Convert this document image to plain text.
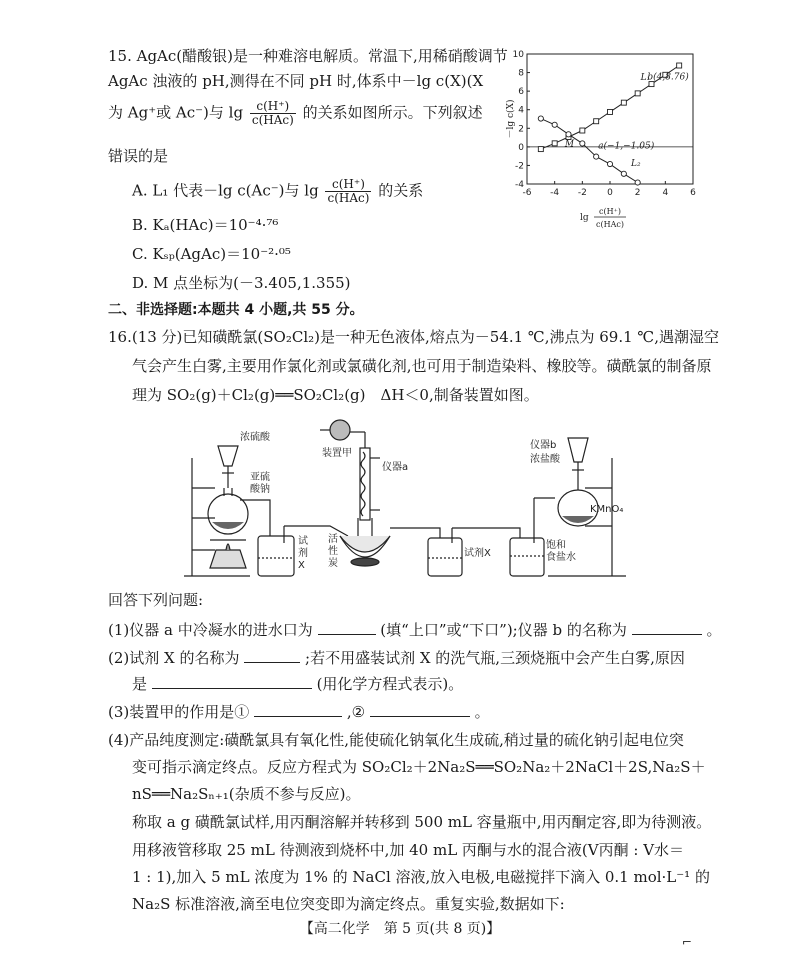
15. AgAc(醋酸银)是一种难溶电解质。常温下,用稀硝酸调节
AgAc 浊液的 pH,测得在不同 pH 时,体系中－lg c(X)(X
为 Ag⁺或 Ac⁻)与 $\lg \frac{c(H^+)}{\text{c(HAc)}}$ 的关系如图所示。下列叙述
错误的是
A. L₁ 代表－lg c(Ac⁻)与 $\lg \frac{c(H^+)}{\text{c(HAc)}}$ 的关系
B. Kₐ(HAc)＝10⁻⁴·⁷⁶
C. Kₛₚ(AgAc)＝10⁻²·⁰⁵
D. M 点坐标为(－3.405,1.355)
-6 -4 -2 0 2 4 6
-4
-2
0
2
4
6
8
10
－lg c(X)
lg
c(H⁺)
c(HAc)
b(4,8.76)
a(−1,−1.05)
M
L₁
L₂
二、非选择题:本题共 4 小题,共 55 分。
16.(13 分)已知磺酰氯(SO₂Cl₂)是一种无色液体,熔点为－54.1 ℃,沸点为 69.1 ℃,遇潮湿空
气会产生白雾,主要用作氯化剂或氯磺化剂,也可用于制造染料、橡胶等。磺酰氯的制备原
理为 SO₂(g)＋Cl₂(g)══SO₂Cl₂(g)　ΔH＜0,制备装置如图。
浓硫酸
亚硫
酸钠
装置甲
仪器a
试
剂
X
活
性
炭
试剂X
饱和
食盐水
仪器b
浓盐酸
KMnO₄
回答下列问题:
(1)仪器 a 中冷凝水的进水口为	(填“上口”或“下口”);仪器 b 的名称为	。
(2)试剂 X 的名称为	;若不用盛装试剂 X 的洗气瓶,三颈烧瓶中会产生白雾,原因
是	(用化学方程式表示)。
(3)装置甲的作用是①	,②	。
(4)产品纯度测定:磺酰氯具有氧化性,能使硫化钠氧化生成硫,稍过量的硫化钠引起电位突
变可指示滴定终点。反应方程式为 SO₂Cl₂＋2Na₂S══SO₂Na₂＋2NaCl＋2S,Na₂S＋
nS══Na₂Sₙ₊₁(杂质不参与反应)。
称取 a g 磺酰氯试样,用丙酮溶解并转移到 500 mL 容量瓶中,用丙酮定容,即为待测液。
用移液管移取 25 mL 待测液到烧杯中,加 40 mL 丙酮与水的混合液(V丙酮 : V水＝
1 : 1),加入 5 mL 浓度为 1% 的 NaCl 溶液,放入电极,电磁搅拌下滴入 0.1 mol·L⁻¹ 的
Na₂S 标准溶液,滴至电位突变即为滴定终点。重复实验,数据如下:
【高二化学　第 5 页(共 8 页)】
⌐
